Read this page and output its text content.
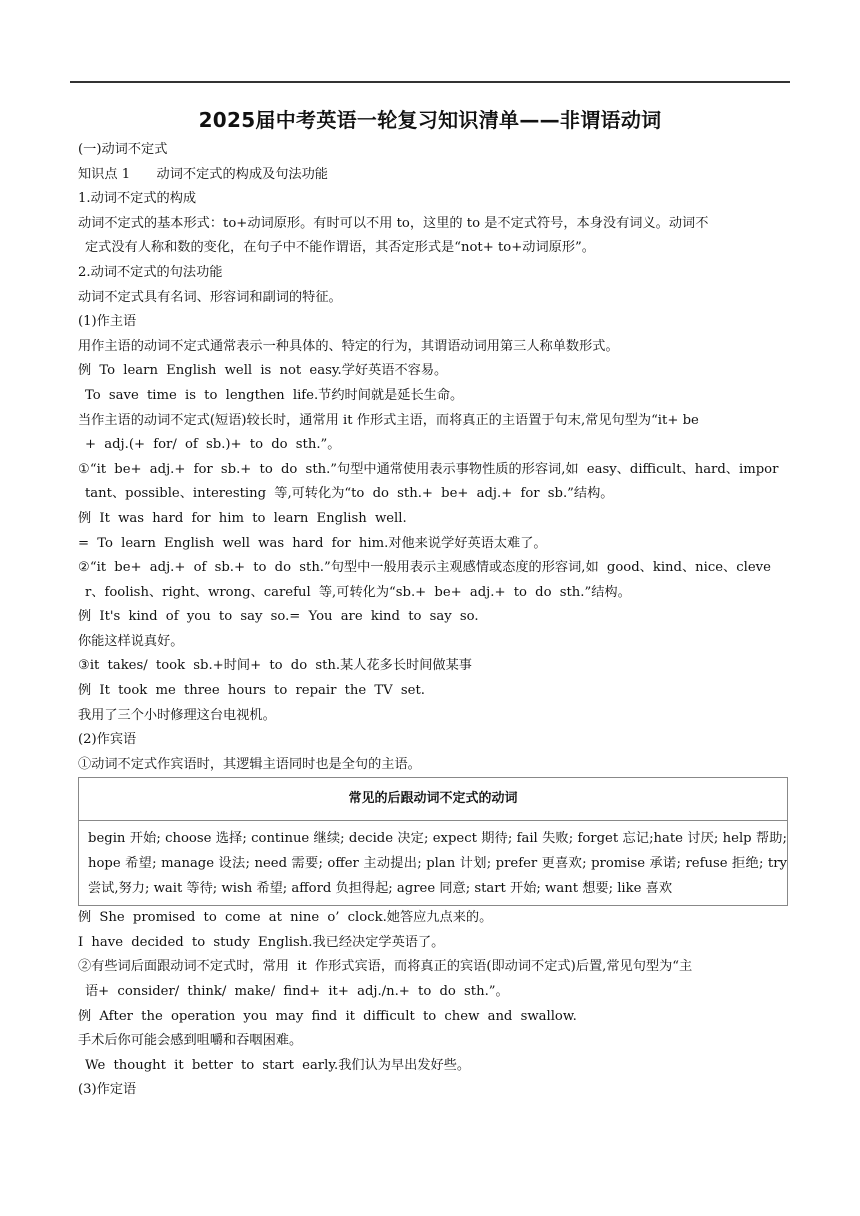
2025届中考英语一轮复习知识清单——非谓语动词

(一)动词不定式

知识点 1　　动词不定式的构成及句法功能

1.动词不定式的构成

动词不定式的基本形式：to+动词原形。有时可以不用 to，这里的 to 是不定式符号，本身没有词义。动词不

定式没有人称和数的变化，在句子中不能作谓语，其否定形式是“not+ to+动词原形”。

2.动词不定式的句法功能

动词不定式具有名词、形容词和副词的特征。

(1)作主语

用作主语的动词不定式通常表示一种具体的、特定的行为，其谓语动词用第三人称单数形式。

例 To learn English well is not easy.学好英语不容易。

To save time is to lengthen life.节约时间就是延长生命。

当作主语的动词不定式(短语)较长时，通常用 it 作形式主语，而将真正的主语置于句末,常见句型为“it+ be

+ adj.(+ for/ of sb.)+ to do sth.”。

①“it be+ adj.+ for sb.+ to do sth.”句型中通常使用表示事物性质的形容词,如 easy、difficult、hard、impor

tant、possible、interesting 等,可转化为“to do sth.+ be+ adj.+ for sb.”结构。

例 It was hard for him to learn English well.

= To learn English well was hard for him.对他来说学好英语太难了。

②“it be+ adj.+ of sb.+ to do sth.”句型中一般用表示主观感情或态度的形容词,如 good、kind、nice、cleve

r、foolish、right、wrong、careful 等,可转化为“sb.+ be+ adj.+ to do sth.”结构。

例 It's kind of you to say so.= You are kind to say so.

你能这样说真好。

③it takes/ took sb.+时间+ to do sth.某人花多长时间做某事

例 It took me three hours to repair the TV set.

我用了三个小时修理这台电视机。

(2)作宾语

①动词不定式作宾语时，其逻辑主语同时也是全句的主语。

常见的后跟动词不定式的动词
begin 开始; choose 选择; continue 继续; decide 决定; expect 期待; fail 失败; forget 忘记;hate 讨厌; help 帮助; hope 希望; manage 设法; need 需要; offer 主动提出; plan 计划; prefer 更喜欢; promise 承诺; refuse 拒绝; try 尝试,努力; wait 等待; wish 希望; afford 负担得起; agree 同意; start 开始; want 想要; like 喜欢

例 She promised to come at nine o’ clock.她答应九点来的。

I have decided to study English.我已经决定学英语了。

②有些词后面跟动词不定式时，常用 it 作形式宾语，而将真正的宾语(即动词不定式)后置,常见句型为“主

语+ consider/ think/ make/ find+ it+ adj./n.+ to do sth.”。

例 After the operation you may find it difficult to chew and swallow.

手术后你可能会感到咀嚼和吞咽困难。

We thought it better to start early.我们认为早出发好些。

(3)作定语
